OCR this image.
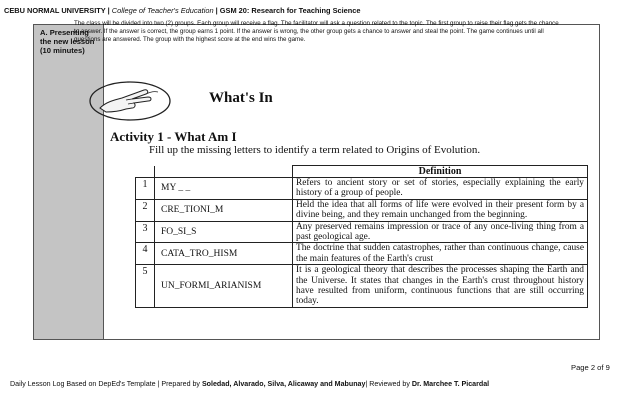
CEBU NORMAL UNIVERSITY | College of Teacher's Education | GSM 20: Research for Teaching Science
A. Presenting
the new lesson
(10 minutes)
The class will be divided into two (2) groups. Each group will receive a flag. The facilitator will ask a question related to the topic. The first group to raise their flag gets the chance to answer. If the answer is correct, the group earns 1 point. If the answer is wrong, the other group gets a chance to answer and steal the point. The game continues until all questions are answered. The group with the highest score at the end wins the game.
What's In
Activity 1 - What Am I
Fill up the missing letters to identify a term related to Origins of Evolution.
		Definition
1	MY _ _	Refers to ancient story or set of stories, especially explaining the early history of a group of people.
2	CRE_TIONI_M	Held the idea that all forms of life were evolved in their present form by a divine being, and they remain unchanged from the beginning.
3	FO_SI_S	Any preserved remains impression or trace of any once-living thing from a past geological age.
4	CATA_TRO_HISM	The doctrine that sudden catastrophes, rather than continuous change, cause the main features of the Earth's crust
5	UN_FORMI_ARIANISM	It is a geological theory that describes the processes shaping the Earth and the Universe. It states that changes in the Earth's crust throughout history have resulted from uniform, continuous functions that are still occurring today.
Page 2 of 9
Daily Lesson Log Based on DepEd's Template | Prepared by Soledad, Alvarado, Silva, Alicaway and Mabunay| Reviewed by Dr. Marchee T. Picardal
